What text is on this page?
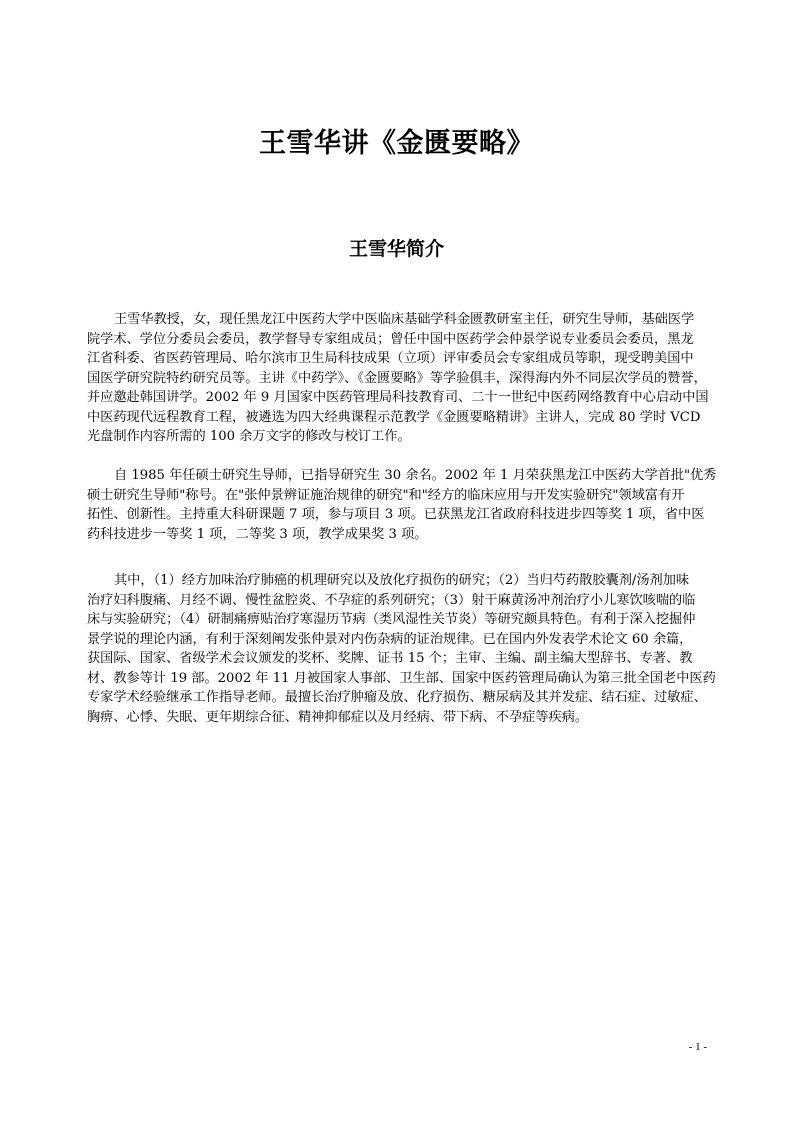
王雪华讲《金匮要略》
王雪华简介
王雪华教授，女，现任黑龙江中医药大学中医临床基础学科金匮教研室主任，研究生导师，基础医学
院学术、学位分委员会委员，教学督导专家组成员；曾任中国中医药学会仲景学说专业委员会委员，黑龙
江省科委、省医药管理局、哈尔滨市卫生局科技成果（立项）评审委员会专家组成员等职，现受聘美国中
国医学研究院特约研究员等。主讲《中药学》、《金匮要略》等学验俱丰，深得海内外不同层次学员的赞誉，
并应邀赴韩国讲学。2002 年 9 月国家中医药管理局科技教育司、二十一世纪中医药网络教育中心启动中国
中医药现代远程教育工程，被遴选为四大经典课程示范教学《金匮要略精讲》主讲人，完成 80 学时 VCD
光盘制作内容所需的 100 余万文字的修改与校订工作。
自 1985 年任硕士研究生导师，已指导研究生 30 余名。2002 年 1 月荣获黑龙江中医药大学首批"优秀
硕士研究生导师"称号。在"张仲景辨证施治规律的研究"和"经方的临床应用与开发实验研究"领域富有开
拓性、创新性。主持重大科研课题 7 项，参与项目 3 项。已获黑龙江省政府科技进步四等奖 1 项，省中医
药科技进步一等奖 1 项，二等奖 3 项，教学成果奖 3 项。
其中，（1）经方加味治疗肺癌的机理研究以及放化疗损伤的研究；（2）当归芍药散胶囊剂/汤剂加味
治疗妇科腹痛、月经不调、慢性盆腔炎、不孕症的系列研究；（3）射干麻黄汤冲剂治疗小儿寒饮咳喘的临
床与实验研究；（4）研制痛痹贴治疗寒湿历节病（类风湿性关节炎）等研究颇具特色。有利于深入挖掘仲
景学说的理论内涵，有利于深刻阐发张仲景对内伤杂病的证治规律。已在国内外发表学术论文 60 余篇，
获国际、国家、省级学术会议颁发的奖杯、奖牌、证书 15 个；主审、主编、副主编大型辞书、专著、教
材、教参等计 19 部。2002 年 11 月被国家人事部、卫生部、国家中医药管理局确认为第三批全国老中医药
专家学术经验继承工作指导老师。最擅长治疗肿瘤及放、化疗损伤、糖尿病及其并发症、结石症、过敏症、
胸痹、心悸、失眠、更年期综合征、精神抑郁症以及月经病、带下病、不孕症等疾病。
- 1 -
